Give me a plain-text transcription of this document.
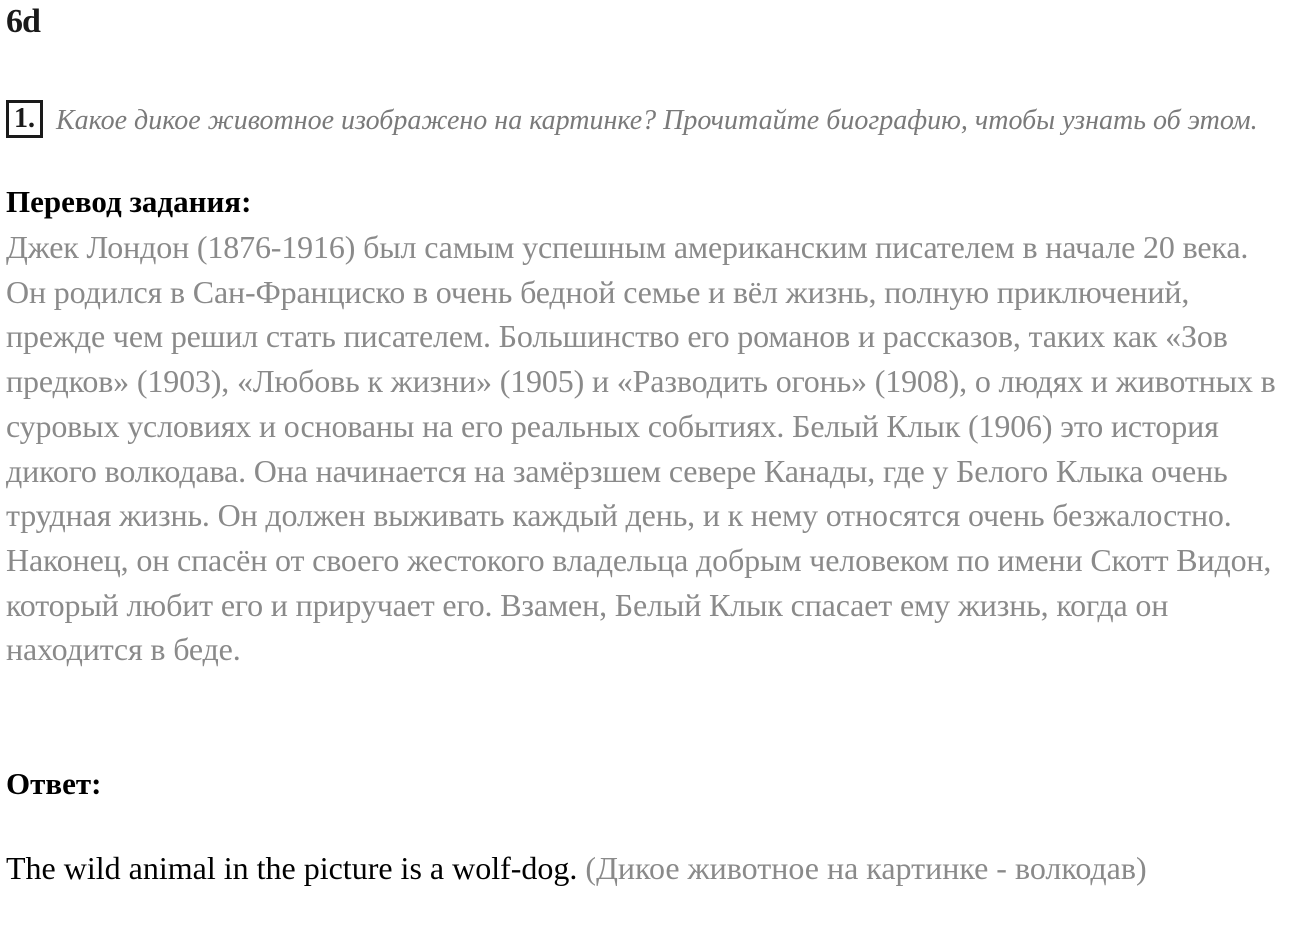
6d
1. Какое дикое животное изображено на картинке? Прочитайте биографию, чтобы узнать об этом.
Перевод задания:
Джек Лондон (1876-1916) был самым успешным американским писателем в начале 20 века. Он родился в Сан-Франциско в очень бедной семье и вёл жизнь, полную приключений, прежде чем решил стать писателем. Большинство его романов и рассказов, таких как «Зов предков» (1903), «Любовь к жизни» (1905) и «Разводить огонь» (1908), о людях и животных в суровых условиях и основаны на его реальных событиях. Белый Клык (1906) это история дикого волкодава. Она начинается на замёрзшем севере Канады, где у Белого Клыка очень трудная жизнь. Он должен выживать каждый день, и к нему относятся очень безжалостно. Наконец, он спасён от своего жестокого владельца добрым человеком по имени Скотт Видон, который любит его и приручает его. Взамен, Белый Клык спасает ему жизнь, когда он находится в беде.
Ответ:
The wild animal in the picture is a wolf-dog. (Дикое животное на картинке - волкодав)
